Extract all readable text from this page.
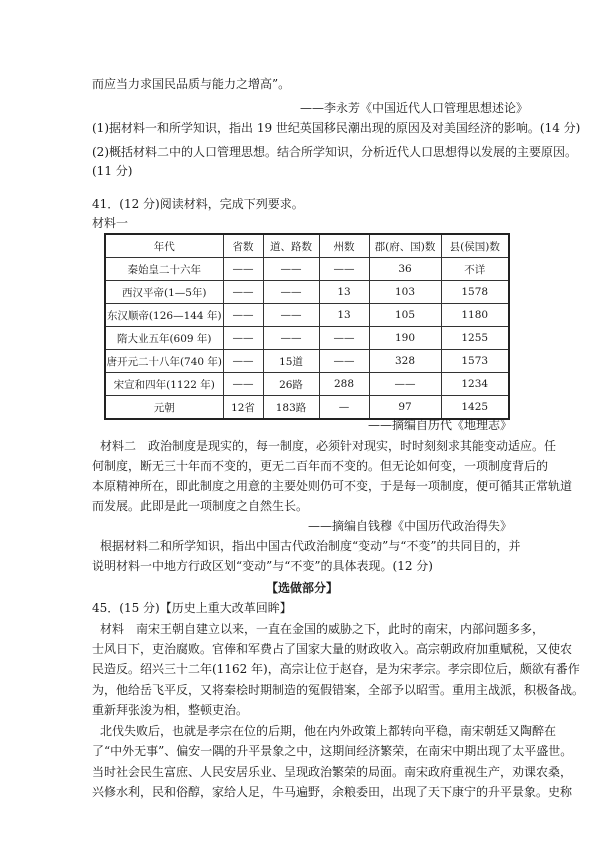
而应当力求国民品质与能力之增高”。
——李永芳《中国近代人口管理思想述论》
(1)据材料一和所学知识，指出 19 世纪英国移民潮出现的原因及对美国经济的影响。(14 分)
(2)概括材料二中的人口管理思想。结合所学知识，分析近代人口思想得以发展的主要原因。
(11 分)
41．(12 分)阅读材料，完成下列要求。
材料一
年代	省数	道、路数	州数	郡(府、国)数	县(侯国)数
秦始皇二十六年	——	——	——	36	不详
西汉平帝(1—5年)	——	——	13	103	1578
东汉顺帝(126—144 年)	——	——	13	105	1180
隋大业五年(609 年)	——	——	——	190	1255
唐开元二十八年(740 年)	——	15道	——	328	1573
宋宣和四年(1122 年)	——	26路	288	——	1234
元朝	12省	183路	—	97	1425
——摘编自历代《地理志》
材料二　政治制度是现实的，每一制度，必须针对现实，时时刻刻求其能变动适应。任
何制度，断无三十年而不变的，更无二百年而不变的。但无论如何变，一项制度背后的
本原精神所在，即此制度之用意的主要处则仍可不变，于是每一项制度，便可循其正常轨道
而发展。此即是此一项制度之自然生长。
——摘编自钱穆《中国历代政治得失》
根据材料二和所学知识，指出中国古代政治制度“变动”与“不变”的共同目的，并
说明材料一中地方行政区划“变动”与“不变”的具体表现。(12 分)
【选做部分】
45．(15 分)【历史上重大改革回眸】
材料　南宋王朝自建立以来，一直在金国的威胁之下，此时的南宋，内部问题多多，
士风日下，吏治腐败。官俸和军费占了国家大量的财政收入。高宗朝政府加重赋税，又使农
民造反。绍兴三十二年(1162 年)，高宗让位于赵昚，是为宋孝宗。孝宗即位后，颇欲有番作
为，他给岳飞平反，又将秦桧时期制造的冤假错案，全部予以昭雪。重用主战派，积极备战。
重新拜张浚为相，整顿吏治。
北伐失败后，也就是孝宗在位的后期，他在内外政策上都转向平稳，南宋朝廷又陶醉在
了“中外无事”、偏安一隅的升平景象之中，这期间经济繁荣，在南宋中期出现了太平盛世。
当时社会民生富庶、人民安居乐业、呈现政治繁荣的局面。南宋政府重视生产，劝课农桑，
兴修水利，民和俗醇，家给人足，牛马遍野，余粮委田，出现了天下康宁的升平景象。史称
